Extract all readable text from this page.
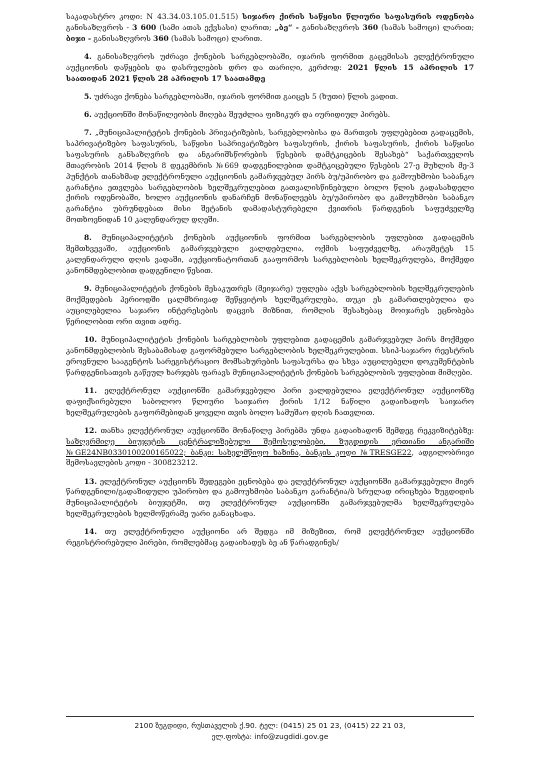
საკადასტრო კოდი: N 43.34.03.105.01.515) სიჯარო ქირის საწყისი წლიური საფასურის ოდენობა განისაზღვროს - 3 600 (სამი ათას ექვსასი) ლარით; „ბე“ - განისაზღვროს 360 (სამას სამოცი) ლარით; ბიჯი - განისაზღვროს 360 (სამას სამოცი) ლარით.

4. განისაზღვროს უძრავი ქონების სარგებლობაში, იჯარის ფორმით გაცემისას ელექტრონული აუქციონის დაწყების და დასრულების დრო და თარიღი, კერძოდ: 2021 წლის 15 აპრილის 17 საათიდან 2021 წლის 28 აპრილის 17 საათამდე

5. უძრავი ქონება სარგებლობაში, იჯარის ფორმით გაიცეს 5 (ხუთი) წლის ვადით.

6. აუქციონში მონაწილეობის მიღება შეუძლია ფიზიკურ და იურიდიულ პირებს.

7. „მუნიციპალიტეტის ქონების პრივატიზების, სარგებლობისა და მართვის უფლებებით გადაცემის, საპრივატიზებო საფასურის, საწყისი საპრივატიზებო საფასურის, ქირის საფასურის, ქირის საწყისი საფასურის განსაზღვრის და ანგარიშსწორების წესების დამტკიცების შესახებ“ საქართველოს მთავრობის 2014 წლის 8 დეკემბრის №669 დადგენილებით დამტკიცებული წესების 27-ე მუხლის მე-3 პუნქტის თანახმად ელექტრონული აუქციონის გამარჯვებულ პირს ბუ/უპირობო და გამოუხმობი საბანკო გარანტია ეთვლება სარგებლობის ხელშეკრულებით გათვალისწინებული ბოლო წლის გადასახდელი ქირის ოდენობაში, ხოლო აუქციონის დანარჩენ მონაწილეებს ბუ/უპირობო და გამოუხმობი საბანკო გარანტია უბრუნდებათ მისი შეტანის დამადასტურებელი ქვითრის წარდგენის საფუძველზე მოთხოვნიდან 10 კალენდარულ დღეში.

8. მუნიციპალიტეტის ქონების აუქციონის ფორმით სარგებლობის უფლებით გადაცემის შემთხვევაში, აუქციონის გამარჯვებული ვალდებულია, ოქმის საფუძველზე, არაუმეტეს 15 კალენდარული დღის ვადაში, აუქციონატორთან გააფორმოს სარგებლობის ხელშეკრულება, მოქმედი კანონმდებლობით დადგენილი წესით.

9. მუნიციპალიტეტის ქონების მესაკუთრეს (მეიჯარე) უფლება აქვს სარგებლობის ხელშეკრულების მოქმედების პერიოდში ცალმხრივად შეწყვიტოს ხელშეკრულება, თუკი ეს გამართლებულია და აუცილებელია საჯარო ინტერესების დაცვის მიზნით, რომლის შესახებაც მოიჯარეს ეცნობება წერილობით ორი თვით ადრე.

10. მუნიციპალიტეტის ქონების სარგებლობის უფლებით გადაცემის გამარჯვებულ პირს მოქმედი კანონმდებლობის შესაბამისად გაფორმებული სარგებლობის ხელშეკრულებით. სსიპ-საჯარო რეესტრის ეროვნული სააგენტოს სარეგისტრაციო მომსახურების საფასურსა და სხვა აუცილებელი დოკუმენტების წარდგენისათვის გაწეულ ხარჯებს ფარავს მუნიციპალიტეტის ქონების სარგებლობის უფლებით მიმღები.

11. ელექტრონულ აუქციონში გამარჯვებული პირი ვალდებულია ელექტრონულ აუქციონზე დაფიქსირებული საბოლოო წლიური საიჯარო ქირის 1/12 ნაწილი გადაიხადოს საიჯარო ხელშეკრულების გაფორმებიდან ყოველი თვის ბოლო სამუშაო დღის ჩათვლით.

12. თანხა ელექტრონულ აუქციონში მონაწილე პირებმა უნდა გადაიხადონ შემდეგ რეკვიზიტებზე: საზღვრმიღე ბიუჯეტის ცენტრალიზებული შემოსულობები, ზუგდიდის ერთიანი ანგარიში №GE24NB0330100200165022; ბანკი: სახელმწიფო ხაზინა, ბანკის კოდი №TRESGE22, ადგილობრივი შემოსავლების კოდი - 300823212.

13. ელექტრონულ აუქციონს შედეგები ეცნობება და ელექტრონულ აუქციონში გამარჯვებული მიერ წარდგენილი/გადაზიდული უპირობო და გამოუხმობი საბანკო გარანტია/ბ სრულად ირიცხება ზუგდიდის მუნიციპალიტეტის ბიუჯეტში, თუ ელექტრონულ აუქციონში გამარჯვებულმა ხელშეკრულება ხელშეკრულების ხელმოწერამე უარი განაცხადა.

14. თუ ელექტრონული აუქციონი არ შედგა იმ მიზეზით, რომ ელექტრონულ აუქციონში რეგისტრირებული პირები, რომლებმაც გადაიხადეს ბე ან წარადგინეს/

2100 ზუგდიდი, რუსთაველის ქ.90. ტელ: (0415) 25 01 23, (0415) 22 21 03,
ელ.ფოსტა: info@zugdidi.gov.ge
